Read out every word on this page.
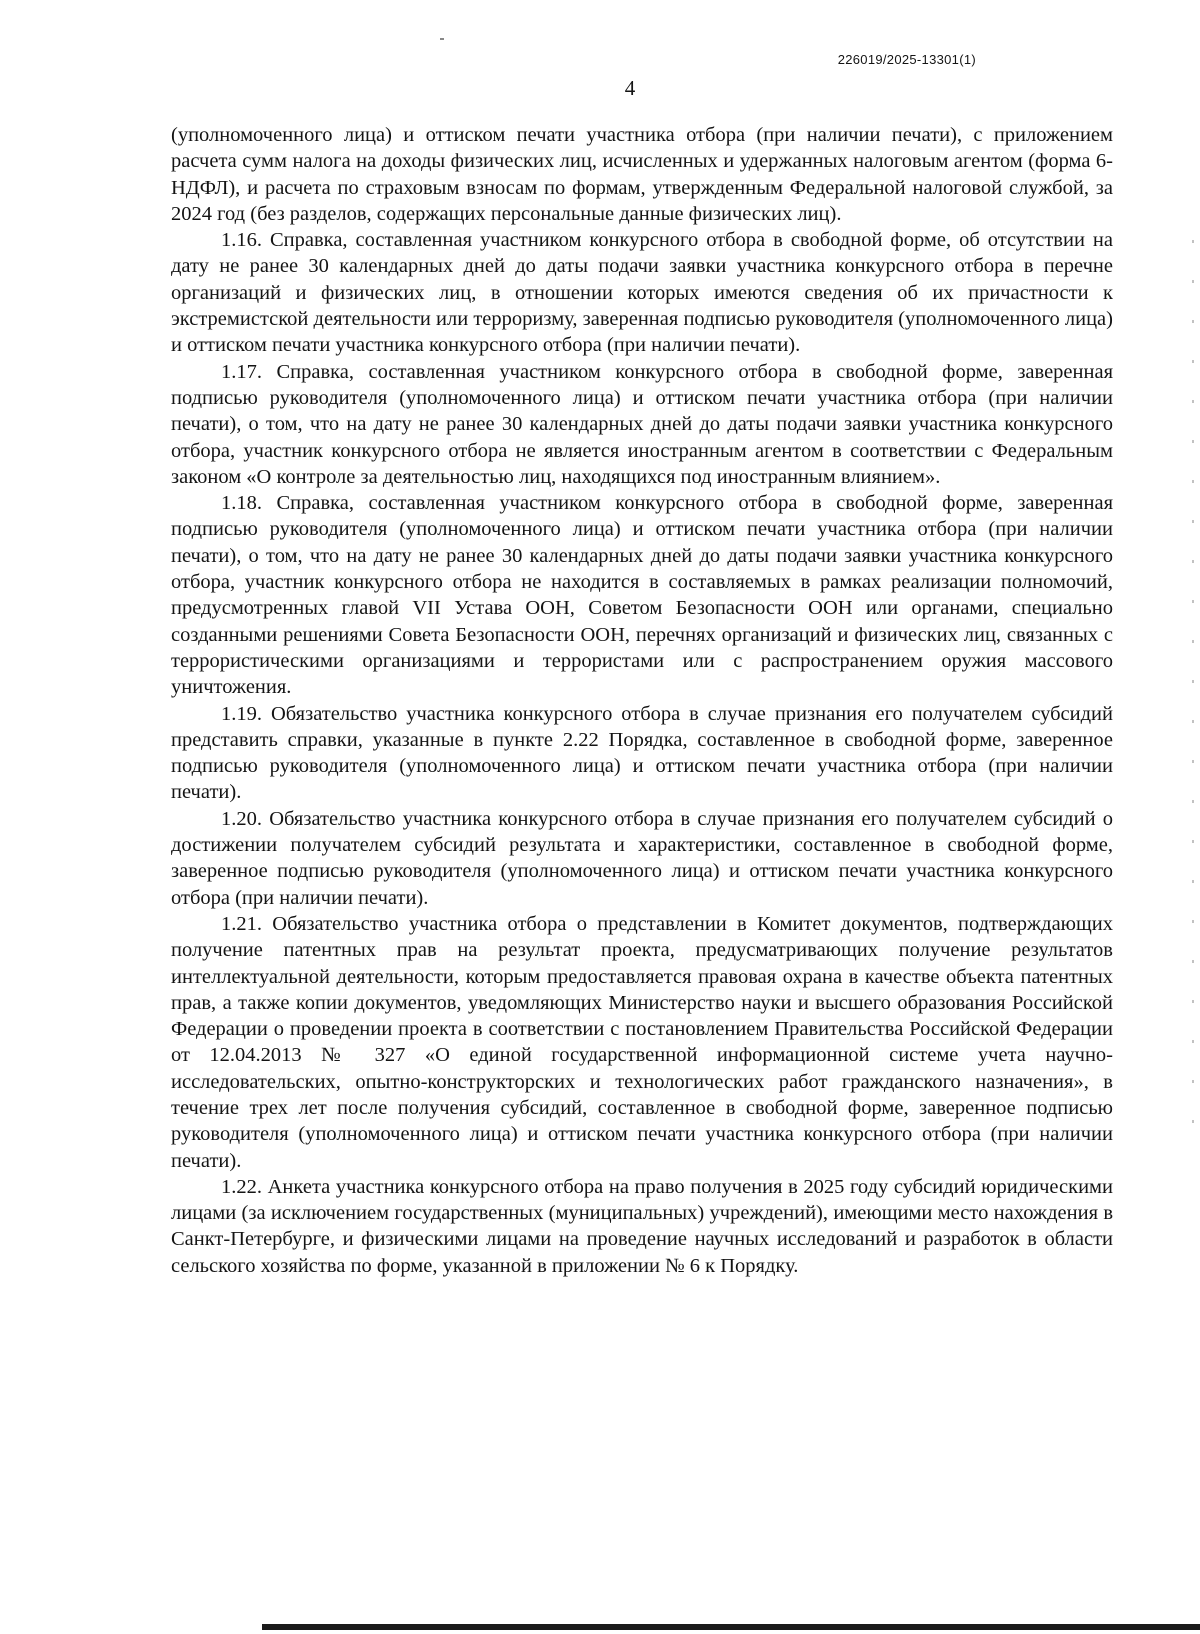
226019/2025-13301(1)
4

(уполномоченного лица) и оттиском печати участника отбора (при наличии печати), с приложением расчета сумм налога на доходы физических лиц, исчисленных и удержанных налоговым агентом (форма 6-НДФЛ), и расчета по страховым взносам по формам, утвержденным Федеральной налоговой службой, за 2024 год (без разделов, содержащих персональные данные физических лиц).

1.16. Справка, составленная участником конкурсного отбора в свободной форме, об отсутствии на дату не ранее 30 календарных дней до даты подачи заявки участника конкурсного отбора в перечне организаций и физических лиц, в отношении которых имеются сведения об их причастности к экстремистской деятельности или терроризму, заверенная подписью руководителя (уполномоченного лица) и оттиском печати участника конкурсного отбора (при наличии печати).

1.17. Справка, составленная участником конкурсного отбора в свободной форме, заверенная подписью руководителя (уполномоченного лица) и оттиском печати участника отбора (при наличии печати), о том, что на дату не ранее 30 календарных дней до даты подачи заявки участника конкурсного отбора, участник конкурсного отбора не является иностранным агентом в соответствии с Федеральным законом «О контроле за деятельностью лиц, находящихся под иностранным влиянием».

1.18. Справка, составленная участником конкурсного отбора в свободной форме, заверенная подписью руководителя (уполномоченного лица) и оттиском печати участника отбора (при наличии печати), о том, что на дату не ранее 30 календарных дней до даты подачи заявки участника конкурсного отбора, участник конкурсного отбора не находится в составляемых в рамках реализации полномочий, предусмотренных главой VII Устава ООН, Советом Безопасности ООН или органами, специально созданными решениями Совета Безопасности ООН, перечнях организаций и физических лиц, связанных с террористическими организациями и террористами или с распространением оружия массового уничтожения.

1.19. Обязательство участника конкурсного отбора в случае признания его получателем субсидий представить справки, указанные в пункте 2.22 Порядка, составленное в свободной форме, заверенное подписью руководителя (уполномоченного лица) и оттиском печати участника отбора (при наличии печати).

1.20. Обязательство участника конкурсного отбора в случае признания его получателем субсидий о достижении получателем субсидий результата и характеристики, составленное в свободной форме, заверенное подписью руководителя (уполномоченного лица) и оттиском печати участника конкурсного отбора (при наличии печати).

1.21. Обязательство участника отбора о представлении в Комитет документов, подтверждающих получение патентных прав на результат проекта, предусматривающих получение результатов интеллектуальной деятельности, которым предоставляется правовая охрана в качестве объекта патентных прав, а также копии документов, уведомляющих Министерство науки и высшего образования Российской Федерации о проведении проекта в соответствии с постановлением Правительства Российской Федерации от 12.04.2013 № 327 «О единой государственной информационной системе учета научно-исследовательских, опытно-конструкторских и технологических работ гражданского назначения», в течение трех лет после получения субсидий, составленное в свободной форме, заверенное подписью руководителя (уполномоченного лица) и оттиском печати участника конкурсного отбора (при наличии печати).

1.22. Анкета участника конкурсного отбора на право получения в 2025 году субсидий юридическими лицами (за исключением государственных (муниципальных) учреждений), имеющими место нахождения в Санкт-Петербурге, и физическими лицами на проведение научных исследований и разработок в области сельского хозяйства по форме, указанной в приложении № 6 к Порядку.
